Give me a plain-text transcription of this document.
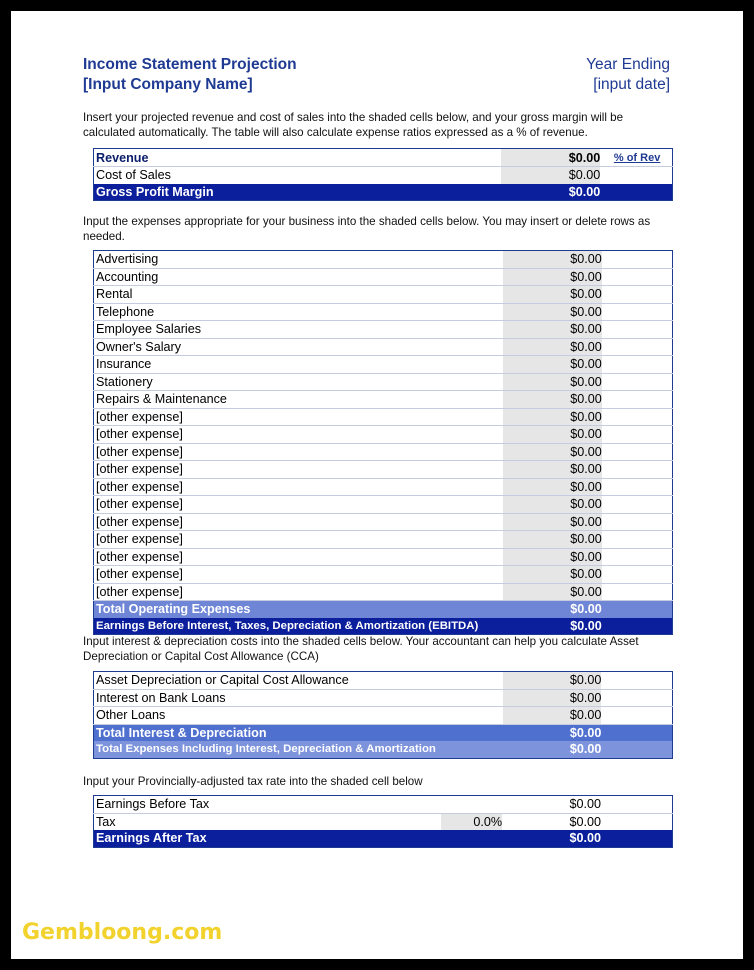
Income Statement Projection
[Input Company Name]
Year Ending
[input date]
Insert your projected revenue and cost of sales into the shaded cells below, and your gross margin will be calculated automatically. The table will also calculate expense ratios expressed as a % of revenue.
Revenue	$0.00	% of Rev
Cost of Sales	$0.00	
Gross Profit Margin	$0.00	
Input the expenses appropriate for your business into the shaded cells below. You may insert or delete rows as needed.
Advertising	$0.00	
Accounting	$0.00	
Rental	$0.00	
Telephone	$0.00	
Employee Salaries	$0.00	
Owner's Salary	$0.00	
Insurance	$0.00	
Stationery	$0.00	
Repairs & Maintenance	$0.00	
[other expense]	$0.00	
[other expense]	$0.00	
[other expense]	$0.00	
[other expense]	$0.00	
[other expense]	$0.00	
[other expense]	$0.00	
[other expense]	$0.00	
[other expense]	$0.00	
[other expense]	$0.00	
[other expense]	$0.00	
[other expense]	$0.00	
Total Operating Expenses	$0.00	
Earnings Before Interest, Taxes, Depreciation & Amortization (EBITDA)	$0.00	
Input interest & depreciation costs into the shaded cells below. Your accountant can help you calculate Asset Depreciation or Capital Cost Allowance (CCA)
Asset Depreciation or Capital Cost Allowance	$0.00	
Interest on Bank Loans	$0.00	
Other Loans	$0.00	
Total Interest & Depreciation	$0.00	
Total Expenses Including Interest, Depreciation & Amortization	$0.00	
Input your Provincially-adjusted tax rate into the shaded cell below
Earnings Before Tax		$0.00	
Tax	0.0%	$0.00	
Earnings After Tax		$0.00	
Gembloong.com
